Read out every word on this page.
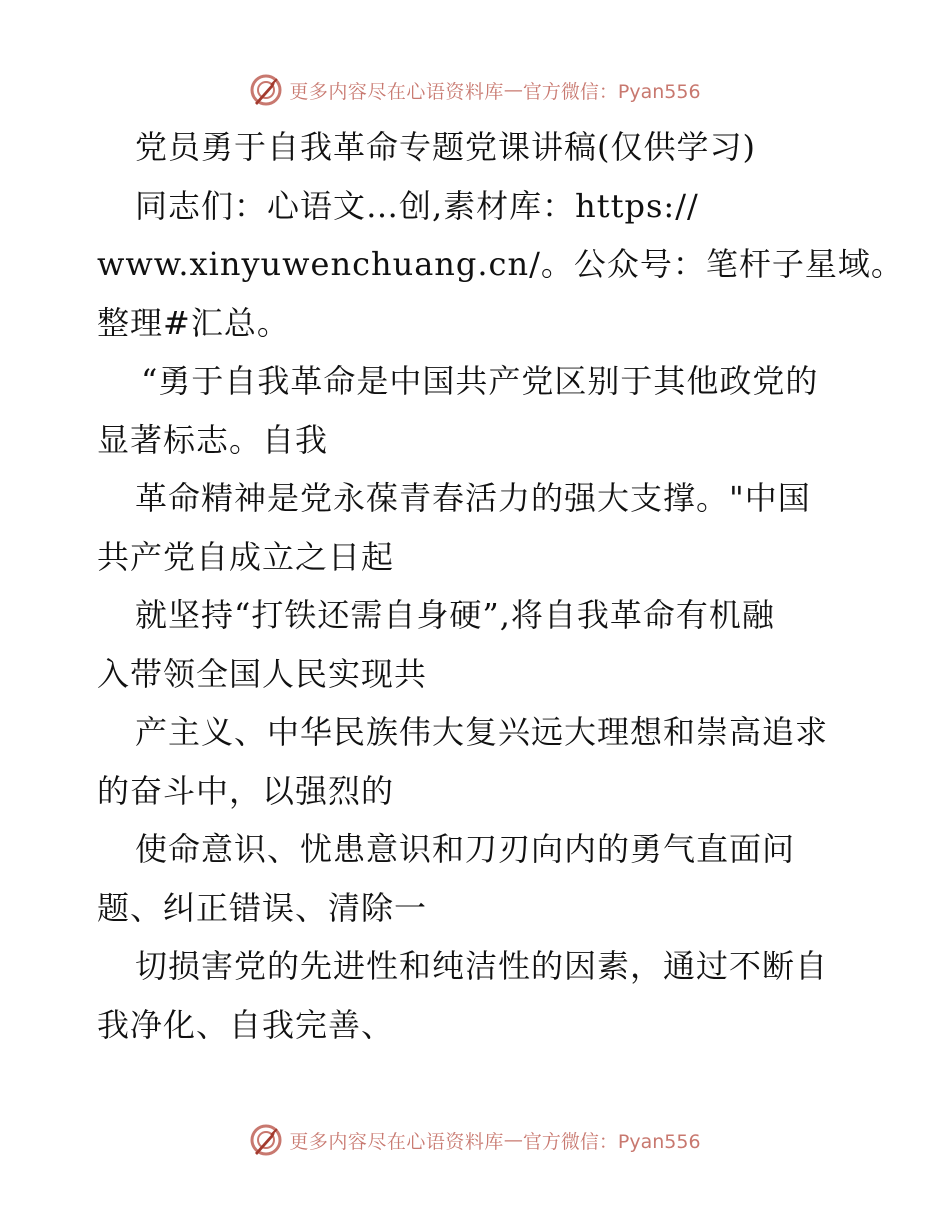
更多内容尽在心语资料库 — 官方微信：Pyan556
党员勇于自我革命专题党课讲稿(仅供学习)
同志们：心语文…创,素材库：https://
www.xinyuwenchuang.cn/。公众号：笔杆子星域。
整理#汇总。
“勇于自我革命是中国共产党区别于其他政党的
显著标志。自我
革命精神是党永葆青春活力的强大支撑。"中国
共产党自成立之日起
就坚持“打铁还需自身硬”,将自我革命有机融
入带领全国人民实现共
产主义、中华民族伟大复兴远大理想和崇高追求
的奋斗中，以强烈的
使命意识、忧患意识和刀刃向内的勇气直面问
题、纠正错误、清除一
切损害党的先进性和纯洁性的因素，通过不断自
我净化、自我完善、
更多内容尽在心语资料库 — 官方微信：Pyan556
